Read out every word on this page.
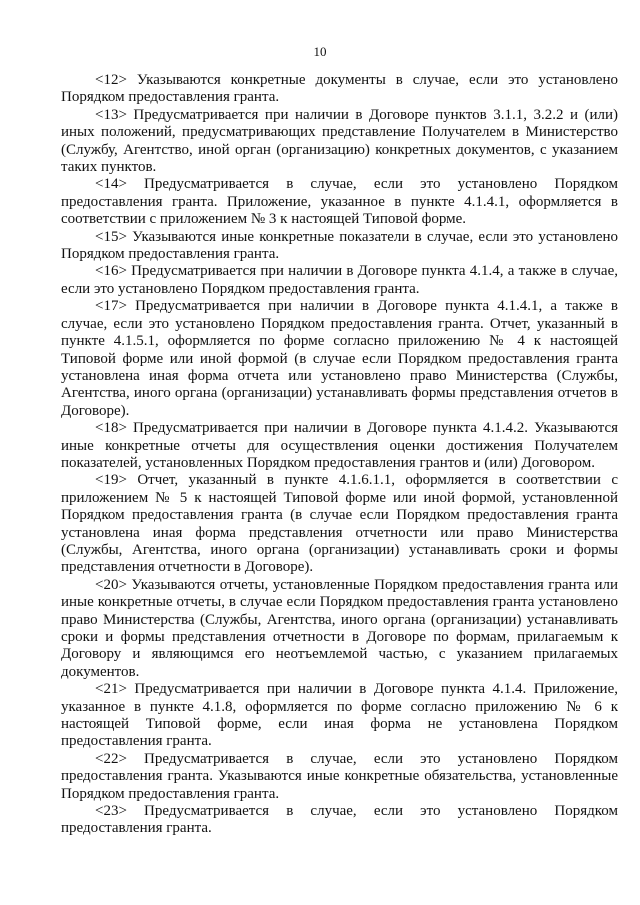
10

<12> Указываются конкретные документы в случае, если это установлено Порядком предоставления гранта.

<13> Предусматривается при наличии в Договоре пунктов 3.1.1, 3.2.2 и (или) иных положений, предусматривающих представление Получателем в Министерство (Службу, Агентство, иной орган (организацию) конкретных документов, с указанием таких пунктов.

<14> Предусматривается в случае, если это установлено Порядком предоставления гранта. Приложение, указанное в пункте 4.1.4.1, оформляется в соответствии с приложением № 3 к настоящей Типовой форме.

<15> Указываются иные конкретные показатели в случае, если это установлено Порядком предоставления гранта.

<16> Предусматривается при наличии в Договоре пункта 4.1.4, а также в случае, если это установлено Порядком предоставления гранта.

<17> Предусматривается при наличии в Договоре пункта 4.1.4.1, а также в случае, если это установлено Порядком предоставления гранта. Отчет, указанный в пункте 4.1.5.1, оформляется по форме согласно приложению № 4 к настоящей Типовой форме или иной формой (в случае если Порядком предоставления гранта установлена иная форма отчета или установлено право Министерства (Службы, Агентства, иного органа (организации) устанавливать формы представления отчетов в Договоре).

<18> Предусматривается при наличии в Договоре пункта 4.1.4.2. Указываются иные конкретные отчеты для осуществления оценки достижения Получателем показателей, установленных Порядком предоставления грантов и (или) Договором.

<19> Отчет, указанный в пункте 4.1.6.1.1, оформляется в соответствии с приложением № 5 к настоящей Типовой форме или иной формой, установленной Порядком предоставления гранта (в случае если Порядком предоставления гранта установлена иная форма представления отчетности или право Министерства (Службы, Агентства, иного органа (организации) устанавливать сроки и формы представления отчетности в Договоре).

<20> Указываются отчеты, установленные Порядком предоставления гранта или иные конкретные отчеты, в случае если Порядком предоставления гранта установлено право Министерства (Службы, Агентства, иного органа (организации) устанавливать сроки и формы представления отчетности в Договоре по формам, прилагаемым к Договору и являющимся его неотъемлемой частью, с указанием прилагаемых документов.

<21> Предусматривается при наличии в Договоре пункта 4.1.4. Приложение, указанное в пункте 4.1.8, оформляется по форме согласно приложению № 6 к настоящей Типовой форме, если иная форма не установлена Порядком предоставления гранта.

<22> Предусматривается в случае, если это установлено Порядком предоставления гранта. Указываются иные конкретные обязательства, установленные Порядком предоставления гранта.

<23> Предусматривается в случае, если это установлено Порядком предоставления гранта.
